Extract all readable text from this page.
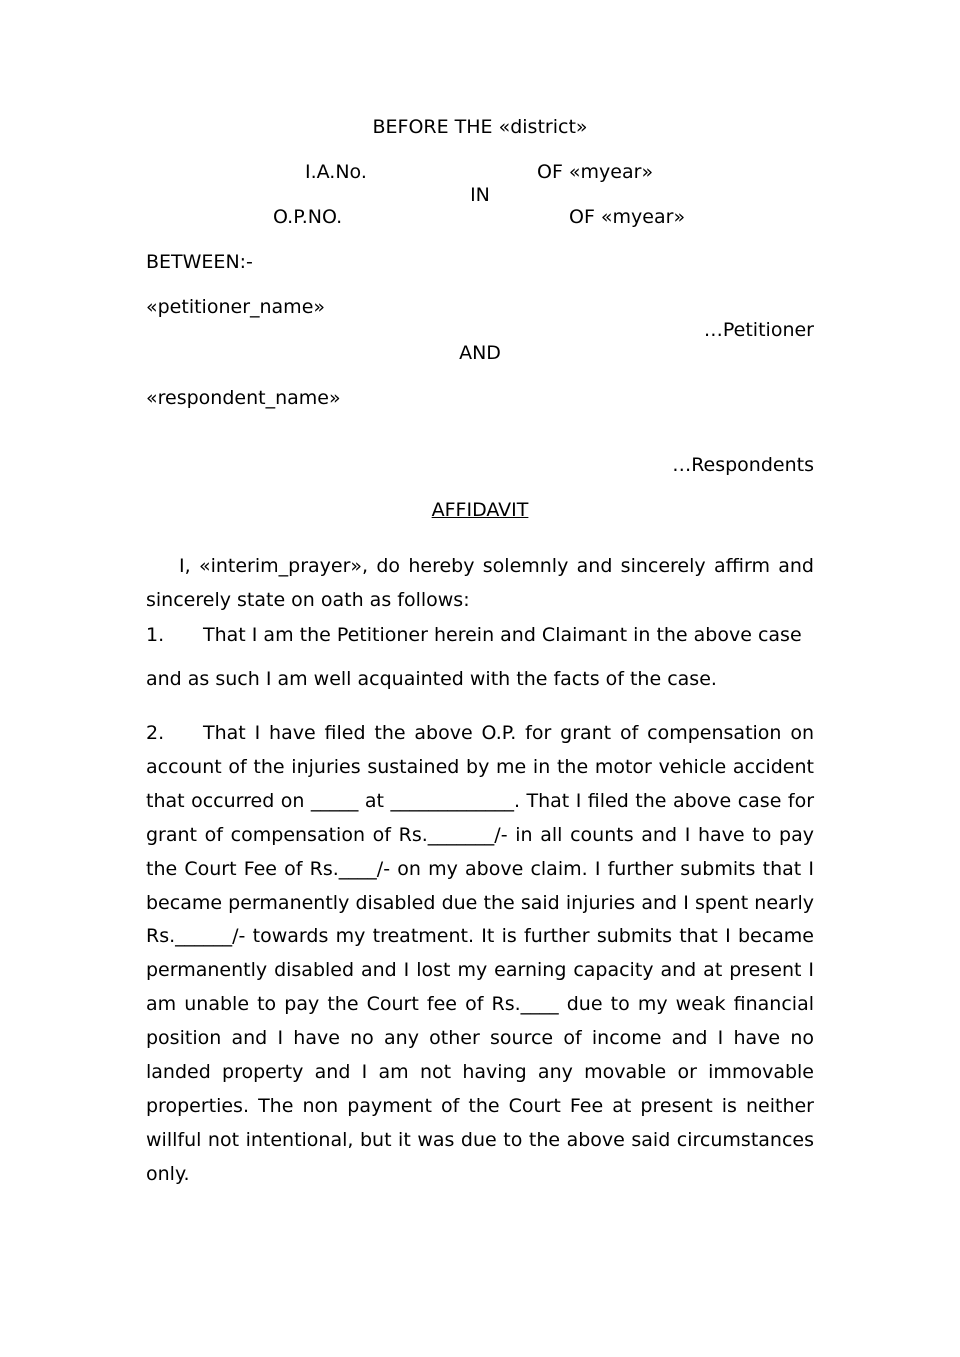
BEFORE THE «district»
I.A.No.	OF «myear»
IN
O.P.NO.	OF «myear»
BETWEEN:-
«petitioner_name»
…Petitioner
AND
«respondent_name»
…Respondents
AFFIDAVIT
I, «interim_prayer», do hereby solemnly and sincerely affirm and sincerely state on oath as follows:
1. That I am the Petitioner herein and Claimant in the above case
and as such I am well acquainted with the facts of the case.
2. That I have filed the above O.P. for grant of compensation on account of the injuries sustained by me in the motor vehicle accident that occurred on _____ at _____________. That I filed the above case for grant of compensation of Rs._______/- in all counts and I have to pay the Court Fee of Rs.____/- on my above claim. I further submits that I became permanently disabled due the said injuries and I spent nearly Rs.______/- towards my treatment. It is further submits that I became permanently disabled and I lost my earning capacity and at present I am unable to pay the Court fee of Rs.____ due to my weak financial position and I have no any other source of income and I have no landed property and I am not having any movable or immovable properties. The non payment of the Court Fee at present is neither willful not intentional, but it was due to the above said circumstances only.
